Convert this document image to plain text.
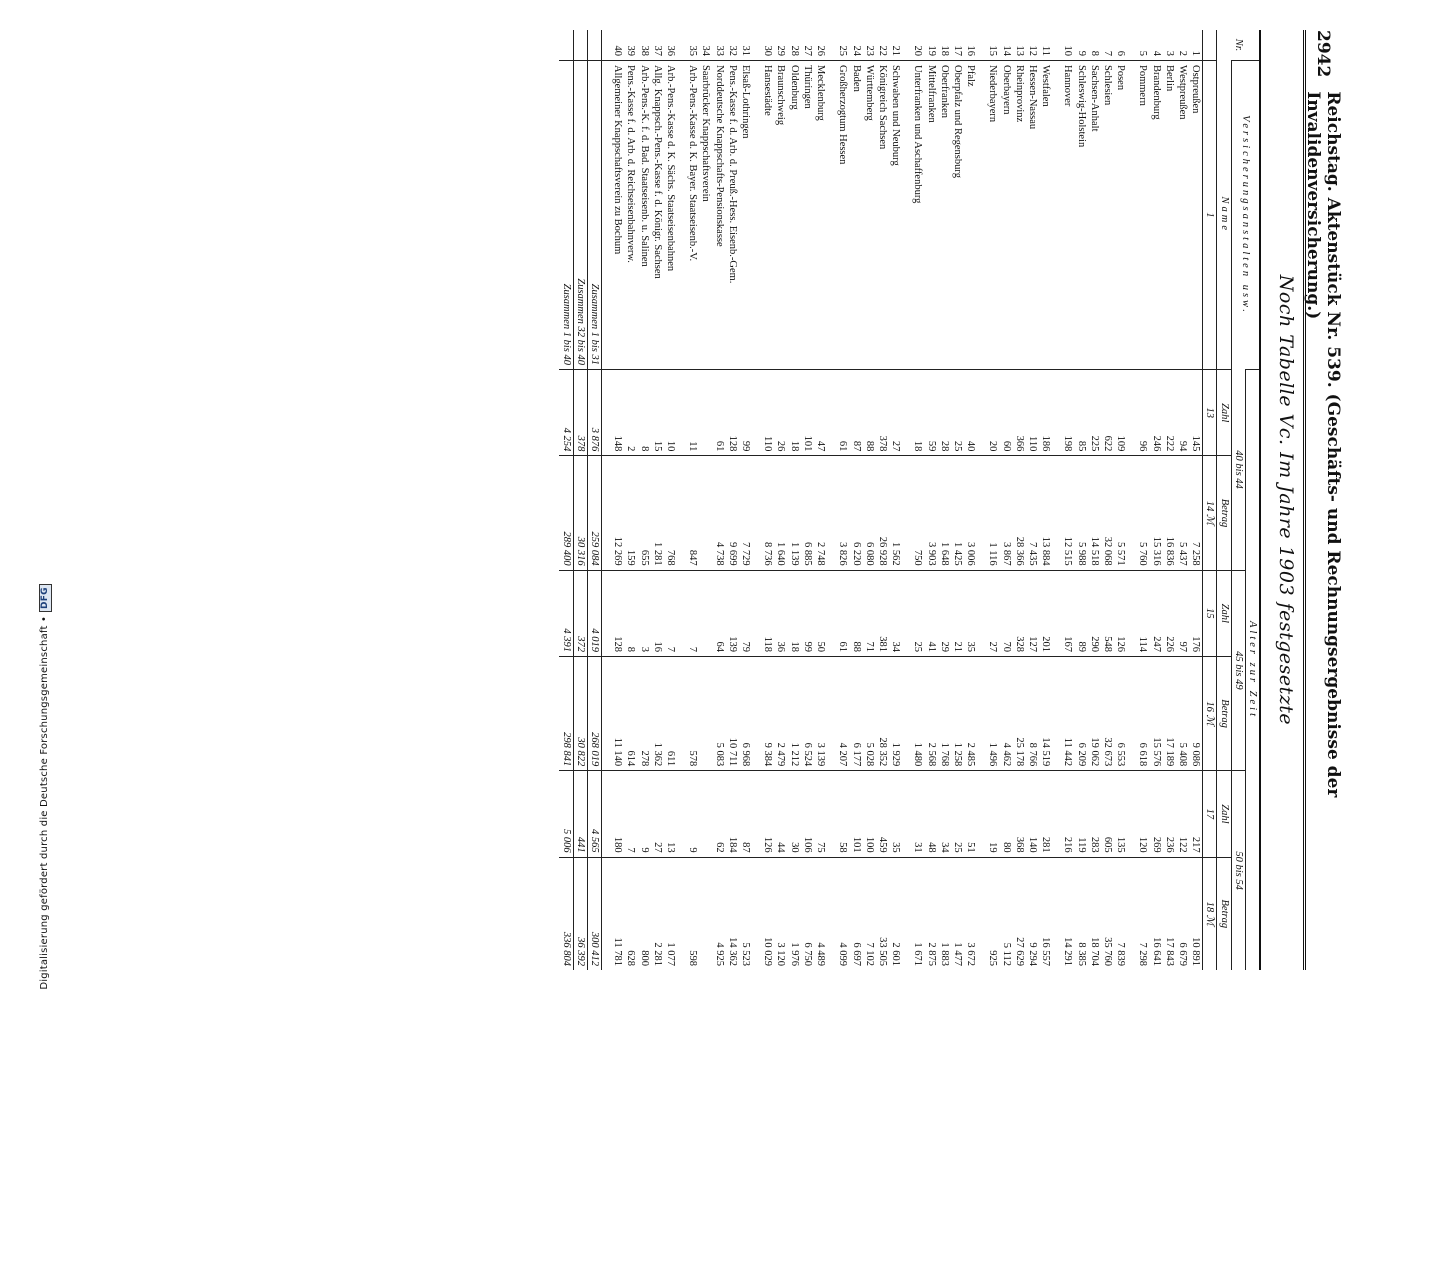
Digitalisierung gefördert durch die Deutsche Forschungsgemeinschaft •
DFG
2942
Reichstag. Aktenstück Nr. 539. (Geschäfts- und Rechnungsergebnisse der Invalidenversicherung.)
Noch Tabelle Vc. Im Jahre 1903 festgesetzte
Nr.	Versicherungsanstalten usw.	Alter zur Zeit					
		40 bis 44		45 bis 49		50 bis 54	
	Name	Zahl	Betrag	Zahl	Betrag	Zahl	Betrag
	1	13	14 ℳ	15	16 ℳ	17	18 ℳ
1	Ostpreußen	145	7 258	176	9 086	217	10 891
2	Westpreußen	94	5 437	97	5 408	122	6 679
3	Berlin	222	16 836	226	17 189	236	17 843
4	Brandenburg	246	15 316	247	15 576	269	16 641
5	Pommern	96	5 760	114	6 618	120	7 298

6	Posen	109	5 571	126	6 553	135	7 839
7	Schlesien	622	32 068	548	32 673	605	35 760
8	Sachsen-Anhalt	225	14 518	290	19 062	283	18 704
9	Schleswig-Holstein	85	5 988	89	6 209	119	8 385
10	Hannover	198	12 515	167	11 442	216	14 291

11	Westfalen	186	13 884	201	14 519	281	16 557
12	Hessen-Nassau	110	7 435	127	8 766	140	9 294
13	Rheinprovinz	366	28 366	328	25 178	368	27 629
14	Oberbayern	60	3 867	70	4 462	80	5 112
15	Niederbayern	20	1 116	27	1 496	19	925

16	Pfalz	40	3 006	35	2 485	51	3 672
17	Oberpfalz und Regensburg	25	1 425	21	1 258	25	1 477
18	Oberfranken	28	1 648	29	1 768	34	1 883
19	Mittelfranken	59	3 903	41	2 568	48	2 875
20	Unterfranken und Aschaffenburg	18	750	25	1 480	31	1 671

21	Schwaben und Neuburg	27	1 562	34	1 929	35	2 601
22	Königreich Sachsen	378	26 928	381	28 352	459	33 505
23	Württemberg	88	6 080	71	5 028	100	7 102
24	Baden	87	6 220	88	6 177	101	6 697
25	Großherzogtum Hessen	61	3 826	61	4 207	58	4 099

26	Mecklenburg	47	2 748	50	3 139	75	4 489
27	Thüringen	101	6 885	99	6 524	106	6 750
28	Oldenburg	18	1 139	18	1 212	30	1 976
29	Braunschweig	26	1 640	36	2 479	44	3 120
30	Hansestädte	110	8 736	118	9 384	126	10 029

31	Elsaß-Lothringen	99	7 729	79	6 968	87	5 523
32	Pens.-Kasse f. d. Arb. d. Preuß.-Hess. Eisenb.-Gem.	128	9 699	139	10 711	184	14 362
33	Norddeutsche Knappschafts-Pensionskasse	61	4 738	64	5 083	62	4 925
34	Saarbrücker Knappschaftsverein						
35	Arb.-Pens.-Kasse d. K. Bayer. Staatseisenb.-V.	11	847	7	578	9	598

36	Arb.-Pens.-Kasse d. K. Sächs. Staatseisenbahnen	10	768	7	611	13	1 077
37	Allg. Knappsch.-Pens.-Kasse f. d. Königr. Sachsen	15	1 281	16	1 362	27	2 281
38	Arb.-Pens.-K. f. d. Bad. Staatseisenb. u. Salinen	8	655	3	278	9	800
39	Pens.-Kasse f. d. Arb. d. Reichseisenbahnverw.	2	159	8	614	7	628
40	Allgemeiner Knappschaftsverein zu Bochum	148	12 269	128	11 140	180	11 781

	Zusammen 1 bis 31	3 876	259 084	4 019	268 019	4 565	300 412
	Zusammen 32 bis 40	378	30 316	372	30 822	441	36 392
	Zusammen 1 bis 40	4 254	289 400	4 391	298 841	5 006	336 804
